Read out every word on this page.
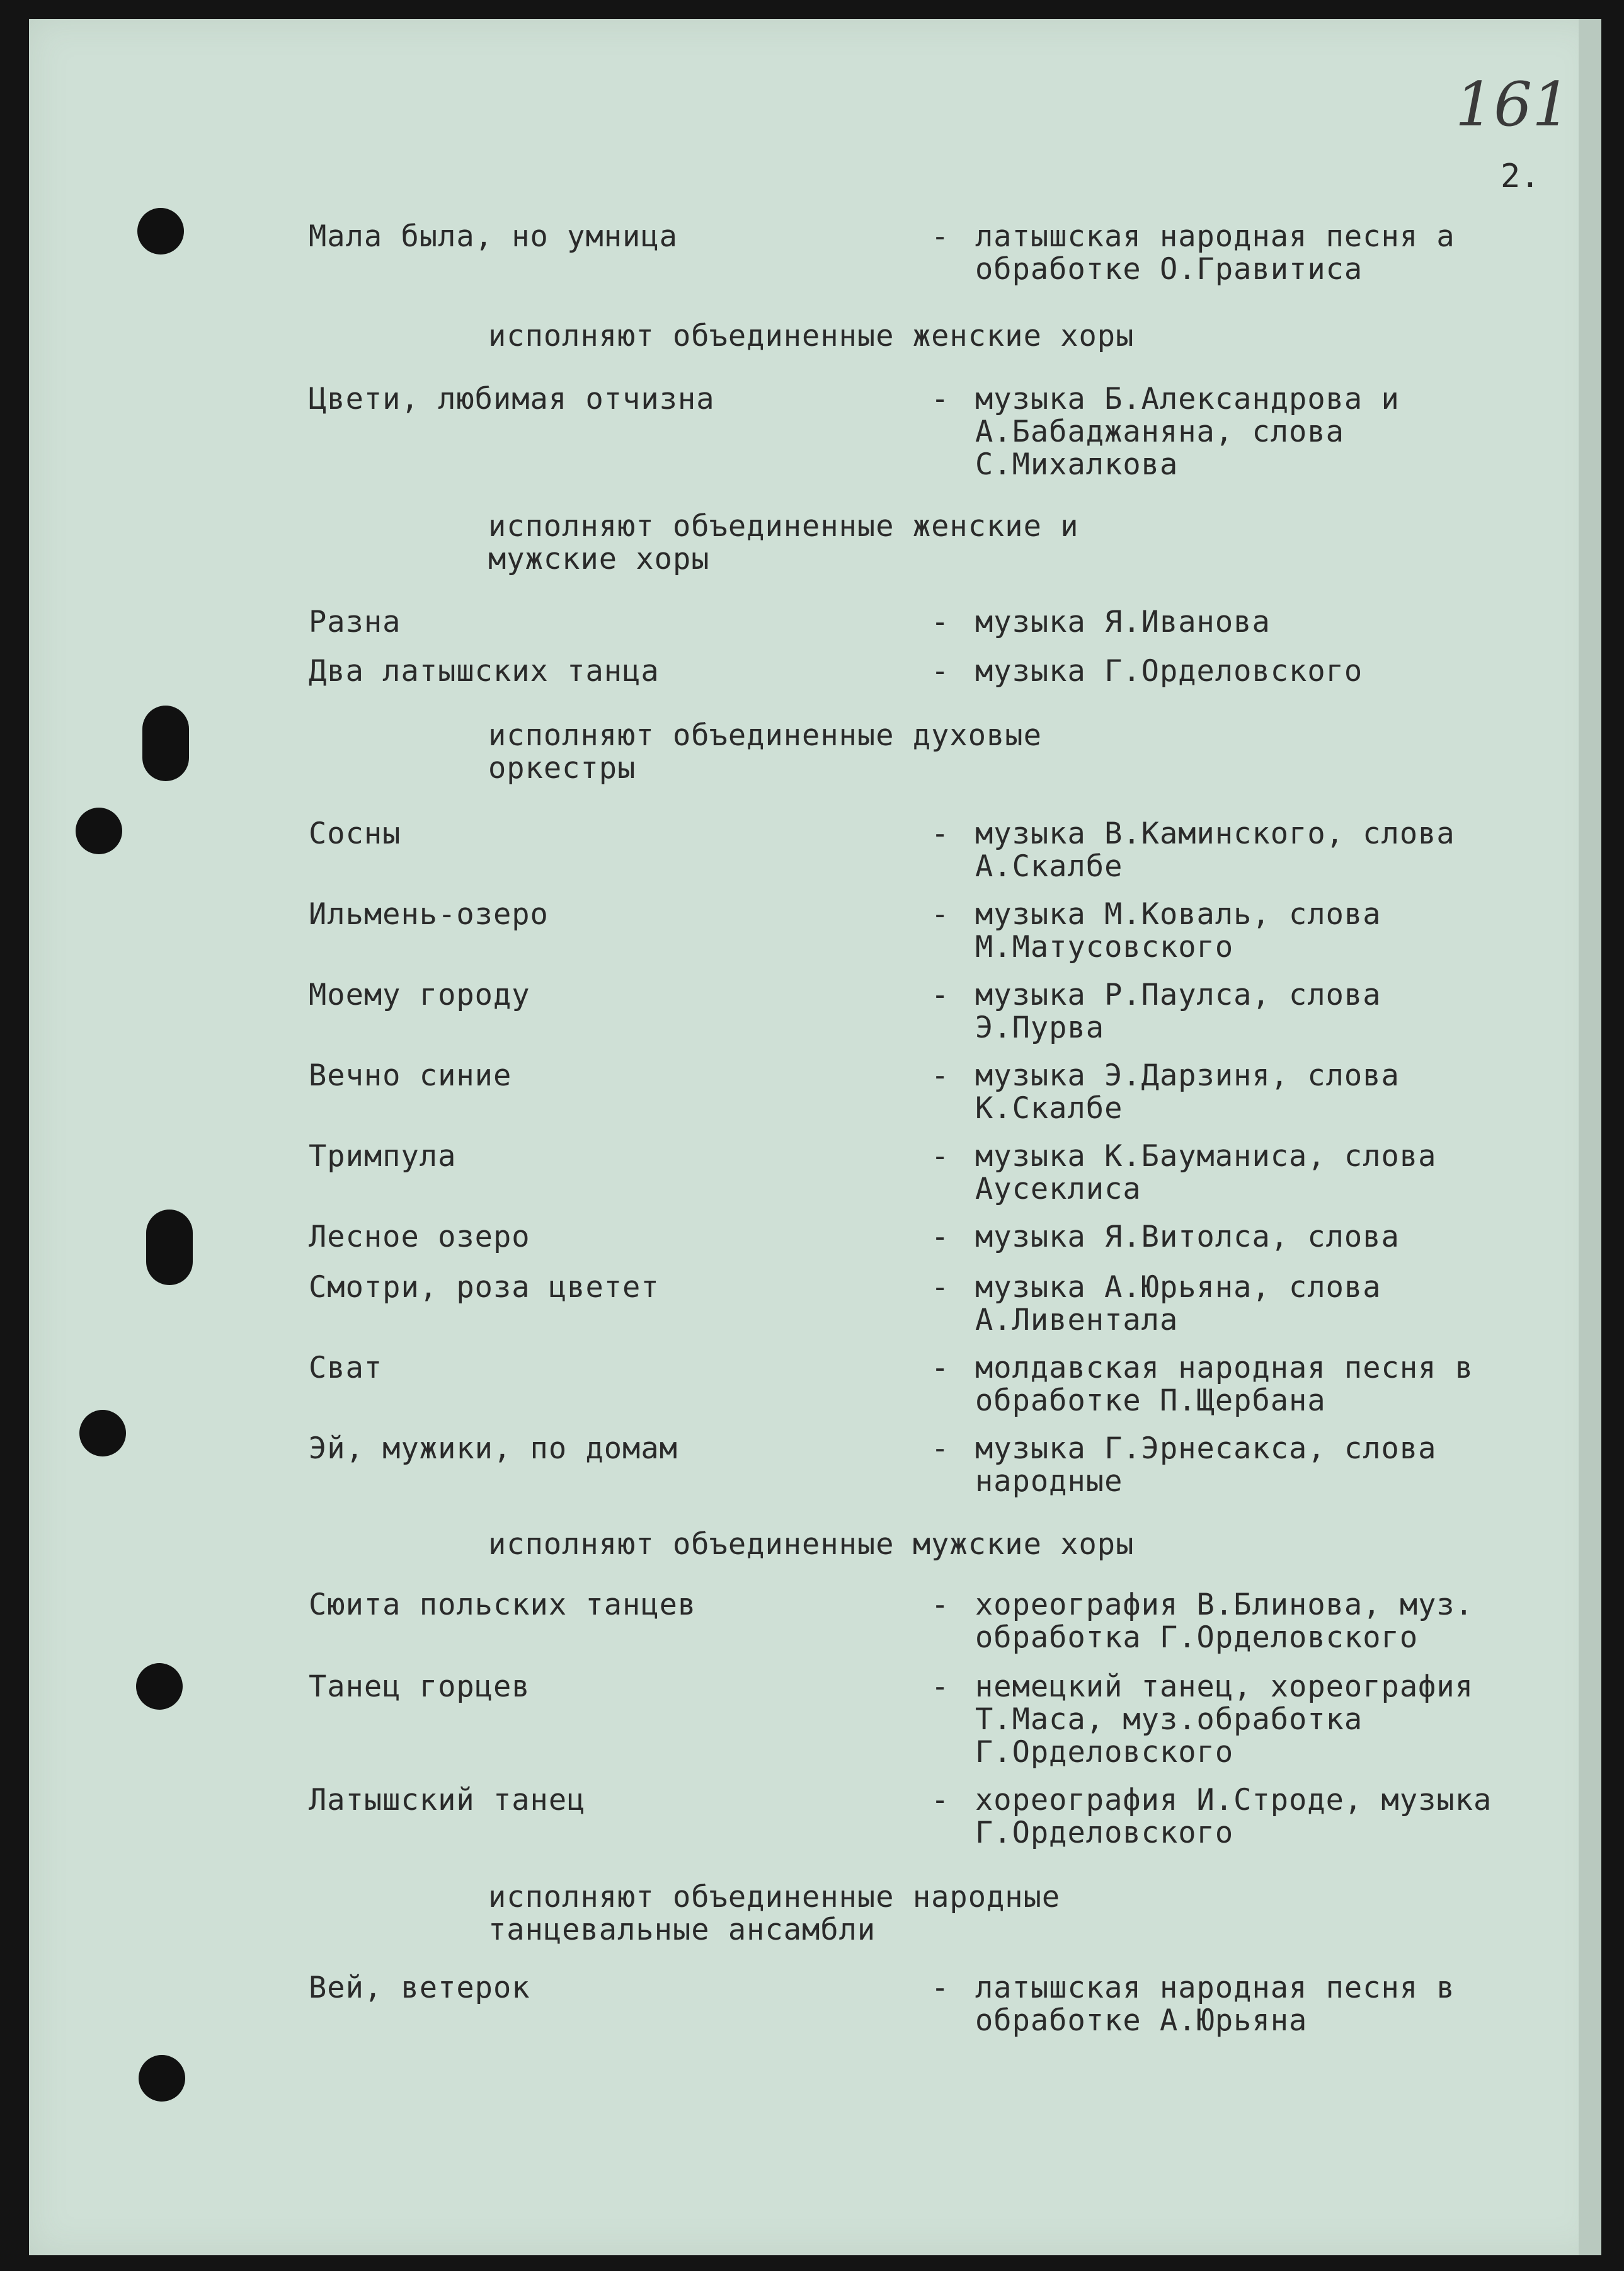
161
2.
Мала была, но умница	- латышская народная песня а
обработке О.Гравитиса
исполняют объединенные женские хоры
Цвети, любимая отчизна	- музыка Б.Александрова и
А.Бабаджаняна, слова
С.Михалкова
исполняют объединенные женские и
мужские хоры
Разна	- музыка Я.Иванова
Два латышских танца	- музыка Г.Орделовского
исполняют объединенные духовые
оркестры
Сосны	- музыка В.Каминского, слова
А.Скалбе
Ильмень-озеро	- музыка М.Коваль, слова
М.Матусовского
Моему городу	- музыка Р.Паулса, слова
Э.Пурва
Вечно синие	- музыка Э.Дарзиня, слова
К.Скалбе
Тримпула	- музыка К.Бауманиса, слова
Аусеклиса
Лесное озеро	- музыка Я.Витолса, слова
Смотри, роза цветет	- музыка А.Юрьяна, слова
А.Ливентала
Сват	- молдавская народная песня в
обработке П.Щербана
Эй, мужики, по домам	- музыка Г.Эрнесакса, слова
народные
исполняют объединенные мужские хоры
Сюита польских танцев	- хореография В.Блинова, муз.
обработка Г.Орделовского
Танец горцев	- немецкий танец, хореография
Т.Маса, муз.обработка
Г.Орделовского
Латышский танец	- хореография И.Строде, музыка
Г.Орделовского
исполняют объединенные народные
танцевальные ансамбли
Вей, ветерок	- латышская народная песня в
обработке А.Юрьяна
